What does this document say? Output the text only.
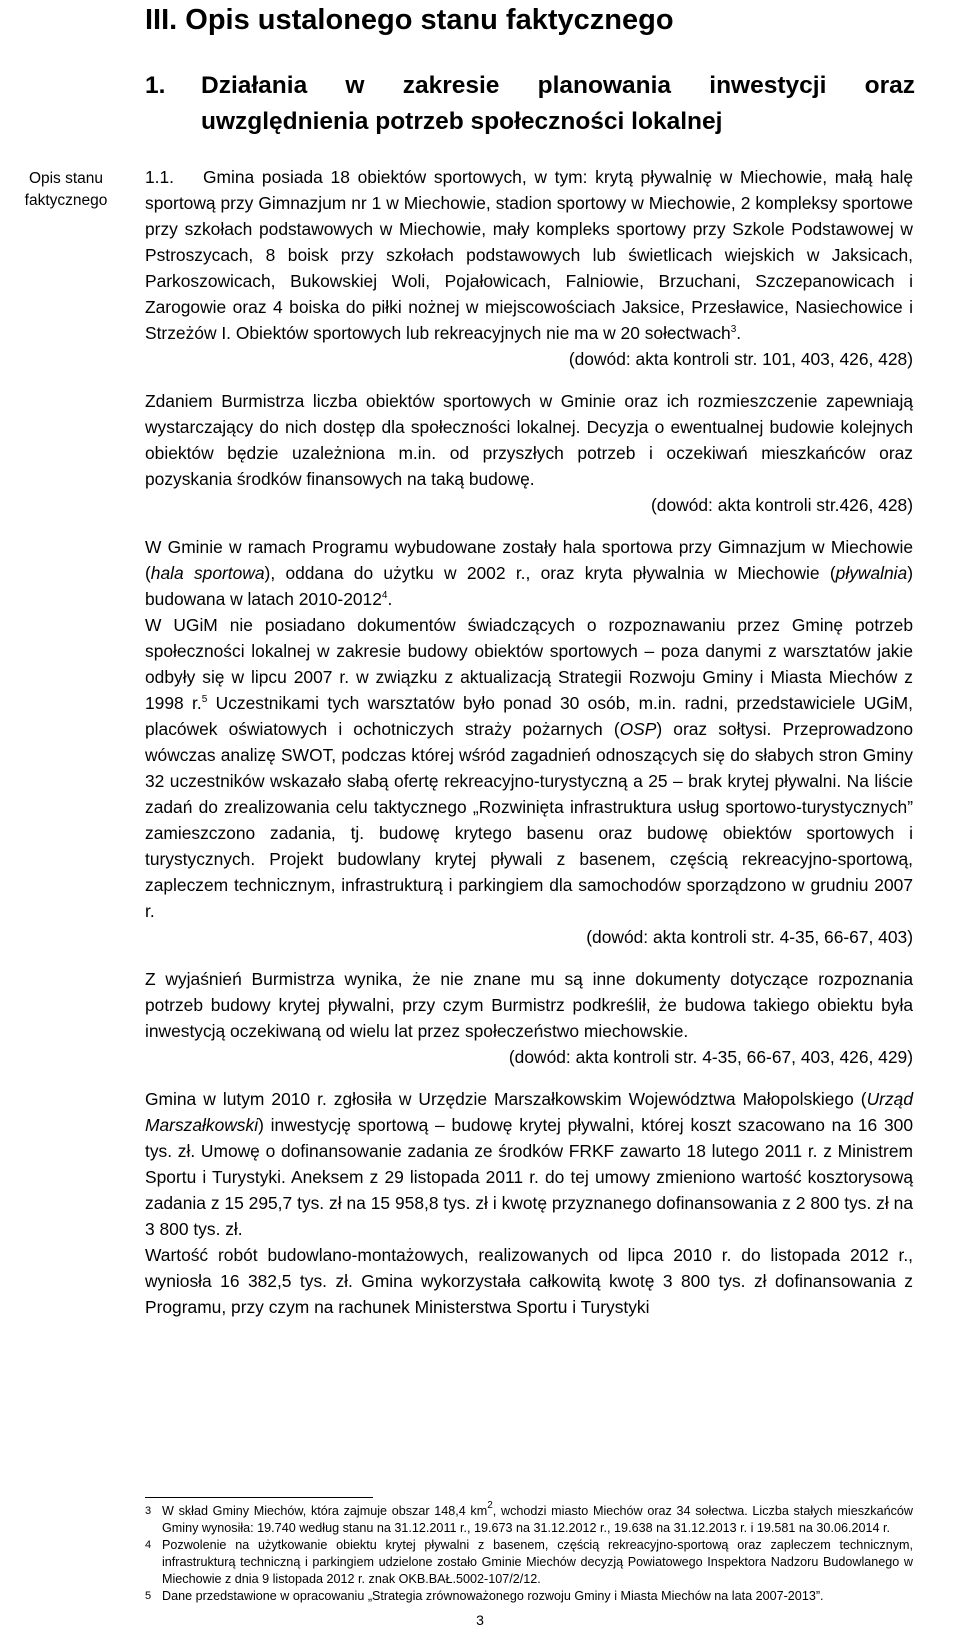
III. Opis ustalonego stanu faktycznego
1.	Działania w zakresie planowania inwestycji oraz uwzględnienia potrzeb społeczności lokalnej
Opis stanu faktycznego

1.1. Gmina posiada 18 obiektów sportowych, w tym: krytą pływalnię w Miechowie, małą halę sportową przy Gimnazjum nr 1 w Miechowie, stadion sportowy w Miechowie, 2 kompleksy sportowe przy szkołach podstawowych w Miechowie, mały kompleks sportowy przy Szkole Podstawowej w Pstroszycach, 8 boisk przy szkołach podstawowych lub świetlicach wiejskich w Jaksicach, Parkoszowicach, Bukowskiej Woli, Pojałowicach, Falniowie, Brzuchani, Szczepanowicach i Zarogowie oraz 4 boiska do piłki nożnej w miejscowościach Jaksice, Przesławice, Nasiechowice i Strzeżów I. Obiektów sportowych lub rekreacyjnych nie ma w 20 sołectwach$^3$.

(dowód: akta kontroli str. 101, 403, 426, 428)

Zdaniem Burmistrza liczba obiektów sportowych w Gminie oraz ich rozmieszczenie zapewniają wystarczający do nich dostęp dla społeczności lokalnej. Decyzja o ewentualnej budowie kolejnych obiektów będzie uzależniona m.in. od przyszłych potrzeb i oczekiwań mieszkańców oraz pozyskania środków finansowych na taką budowę.

(dowód: akta kontroli str.426, 428)

W Gminie w ramach Programu wybudowane zostały hala sportowa przy Gimnazjum w Miechowie (hala sportowa), oddana do użytku w 2002 r., oraz kryta pływalnia w Miechowie (pływalnia) budowana w latach 2010-2012$^4$.

W UGiM nie posiadano dokumentów świadczących o rozpoznawaniu przez Gminę potrzeb społeczności lokalnej w zakresie budowy obiektów sportowych – poza danymi z warsztatów jakie odbyły się w lipcu 2007 r. w związku z aktualizacją Strategii Rozwoju Gminy i Miasta Miechów z 1998 r.$^5$ Uczestnikami tych warsztatów było ponad 30 osób, m.in. radni, przedstawiciele UGiM, placówek oświatowych i ochotniczych straży pożarnych (OSP) oraz sołtysi. Przeprowadzono wówczas analizę SWOT, podczas której wśród zagadnień odnoszących się do słabych stron Gminy 32 uczestników wskazało słabą ofertę rekreacyjno-turystyczną a 25 – brak krytej pływalni. Na liście zadań do zrealizowania celu taktycznego „Rozwinięta infrastruktura usług sportowo-turystycznych” zamieszczono zadania, tj. budowę krytego basenu oraz budowę obiektów sportowych i turystycznych. Projekt budowlany krytej pływali z basenem, częścią rekreacyjno-sportową, zapleczem technicznym, infrastrukturą i parkingiem dla samochodów sporządzono w grudniu 2007 r.

(dowód: akta kontroli str. 4-35, 66-67, 403)

Z wyjaśnień Burmistrza wynika, że nie znane mu są inne dokumenty dotyczące rozpoznania potrzeb budowy krytej pływalni, przy czym Burmistrz podkreślił, że budowa takiego obiektu była inwestycją oczekiwaną od wielu lat przez społeczeństwo miechowskie.

(dowód: akta kontroli str. 4-35, 66-67, 403, 426, 429)

Gmina w lutym 2010 r. zgłosiła w Urzędzie Marszałkowskim Województwa Małopolskiego (Urząd Marszałkowski) inwestycję sportową – budowę krytej pływalni, której koszt szacowano na 16 300 tys. zł. Umowę o dofinansowanie zadania ze środków FRKF zawarto 18 lutego 2011 r. z Ministrem Sportu i Turystyki. Aneksem z 29 listopada 2011 r. do tej umowy zmieniono wartość kosztorysową zadania z 15 295,7 tys. zł na 15 958,8 tys. zł i kwotę przyznanego dofinansowania z 2 800 tys. zł na 3 800 tys. zł.

Wartość robót budowlano-montażowych, realizowanych od lipca 2010 r. do listopada 2012 r., wyniosła 16 382,5 tys. zł. Gmina wykorzystała całkowitą kwotę 3 800 tys. zł dofinansowania z Programu, przy czym na rachunek Ministerstwa Sportu i Turystyki

3 W skład Gminy Miechów, która zajmuje obszar 148,4 $km^2$, wchodzi miasto Miechów oraz 34 sołectwa. Liczba stałych mieszkańców Gminy wynosiła: 19.740 według stanu na 31.12.2011 r., 19.673 na 31.12.2012 r., 19.638 na 31.12.2013 r. i 19.581 na 30.06.2014 r.
4 Pozwolenie na użytkowanie obiektu krytej pływalni z basenem, częścią rekreacyjno-sportową oraz zapleczem technicznym, infrastrukturą techniczną i parkingiem udzielone zostało Gminie Miechów decyzją Powiatowego Inspektora Nadzoru Budowlanego w Miechowie z dnia 9 listopada 2012 r. znak OKB.BAŁ.5002-107/2/12.
5 Dane przedstawione w opracowaniu „Strategia zrównoważonego rozwoju Gminy i Miasta Miechów na lata 2007-2013”.
3
